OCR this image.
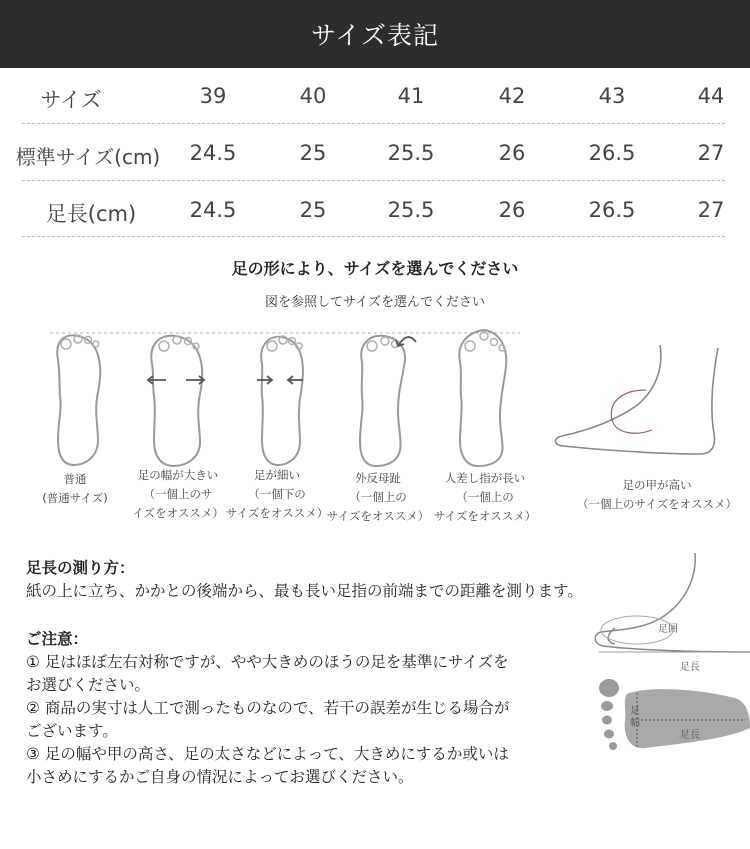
サイズ表記
サイズ	39	40	41	42	43	44
標準サイズ(cm)	24.5	25	25.5	26	26.5	27
足長(cm)	24.5	25	25.5	26	26.5	27
足の形により、サイズを選んでください
図を参照してサイズを選んでください
普通
(普通サイズ)
足の幅が大きい
（一個上のサ
イズをオススメ）
足が細い
（一個下の
サイズをオススメ）
外反母趾
（一個上の
サイズをオススメ）
人差し指が長い
（一個上の
サイズをオススメ）
足の甲が高い
（一個上のサイズをオススメ）
足長の測り方：
紙の上に立ち、かかとの後端から、最も長い足指の前端までの距離を測ります。
ご注意：
① 足はほぼ左右対称ですが、やや大きめのほうの足を基準にサイズを
お選びください。
② 商品の実寸は人工で測ったものなので、若干の誤差が生じる場合が
ございます。
③ 足の幅や甲の高さ、足の太さなどによって、大きめにするか或いは
小さめにするかご自身の情況によってお選びください。
足囲
足長
足幅
足長
